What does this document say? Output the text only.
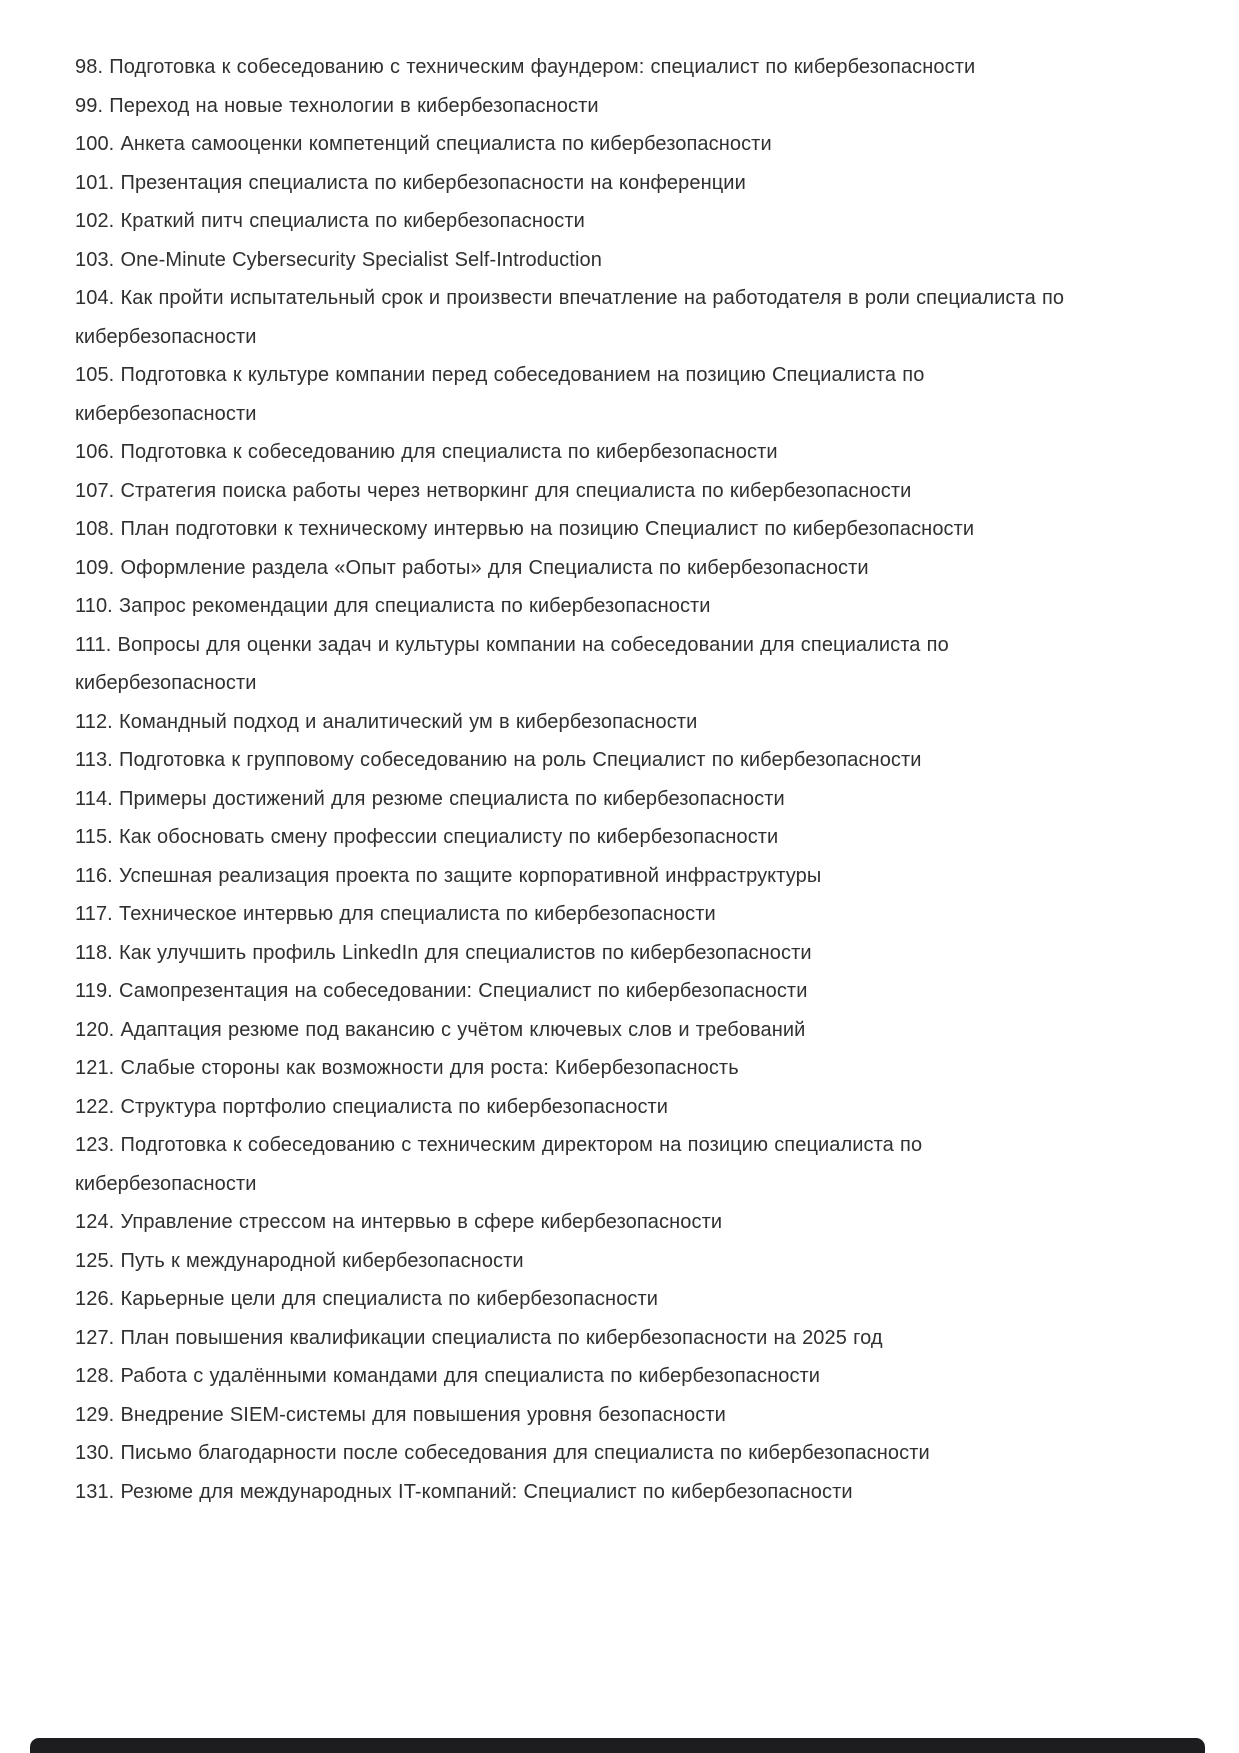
98. Подготовка к собеседованию с техническим фаундером: специалист по кибербезопасности

99. Переход на новые технологии в кибербезопасности

100. Анкета самооценки компетенций специалиста по кибербезопасности

101. Презентация специалиста по кибербезопасности на конференции

102. Краткий питч специалиста по кибербезопасности

103. One-Minute Cybersecurity Specialist Self-Introduction

104. Как пройти испытательный срок и произвести впечатление на работодателя в роли специалиста по кибербезопасности

105. Подготовка к культуре компании перед собеседованием на позицию Специалиста по кибербезопасности

106. Подготовка к собеседованию для специалиста по кибербезопасности

107. Стратегия поиска работы через нетворкинг для специалиста по кибербезопасности

108. План подготовки к техническому интервью на позицию Специалист по кибербезопасности

109. Оформление раздела «Опыт работы» для Специалиста по кибербезопасности

110. Запрос рекомендации для специалиста по кибербезопасности

111. Вопросы для оценки задач и культуры компании на собеседовании для специалиста по кибербезопасности

112. Командный подход и аналитический ум в кибербезопасности

113. Подготовка к групповому собеседованию на роль Специалист по кибербезопасности

114. Примеры достижений для резюме специалиста по кибербезопасности

115. Как обосновать смену профессии специалисту по кибербезопасности

116. Успешная реализация проекта по защите корпоративной инфраструктуры

117. Техническое интервью для специалиста по кибербезопасности

118. Как улучшить профиль LinkedIn для специалистов по кибербезопасности

119. Самопрезентация на собеседовании: Специалист по кибербезопасности

120. Адаптация резюме под вакансию с учётом ключевых слов и требований

121. Слабые стороны как возможности для роста: Кибербезопасность

122. Структура портфолио специалиста по кибербезопасности

123. Подготовка к собеседованию с техническим директором на позицию специалиста по кибербезопасности

124. Управление стрессом на интервью в сфере кибербезопасности

125. Путь к международной кибербезопасности

126. Карьерные цели для специалиста по кибербезопасности

127. План повышения квалификации специалиста по кибербезопасности на 2025 год

128. Работа с удалёнными командами для специалиста по кибербезопасности

129. Внедрение SIEM-системы для повышения уровня безопасности

130. Письмо благодарности после собеседования для специалиста по кибербезопасности

131. Резюме для международных IT-компаний: Специалист по кибербезопасности
